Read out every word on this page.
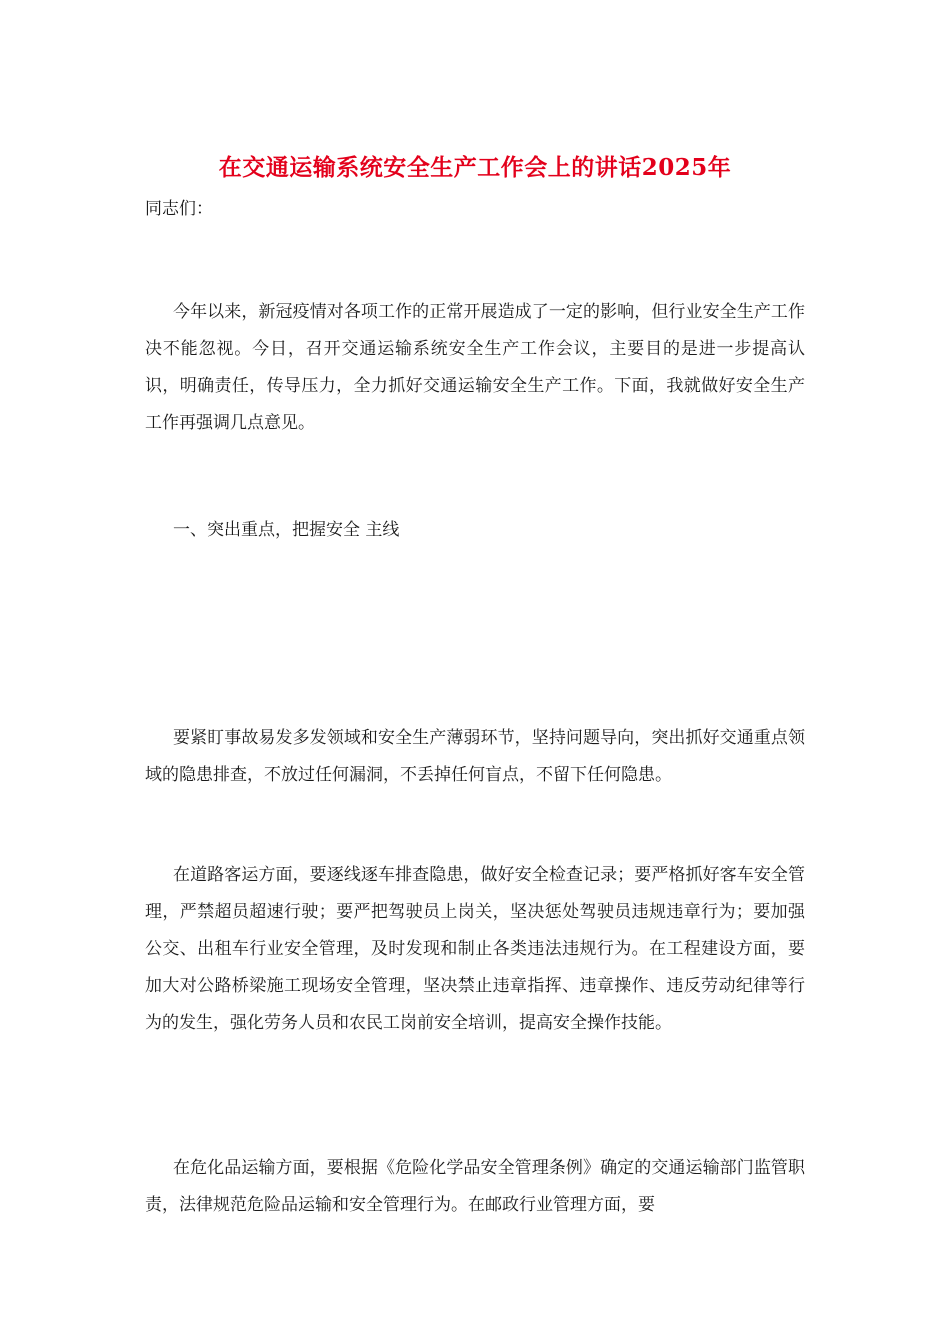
在交通运输系统安全生产工作会上的讲话2025年
同志们：

今年以来，新冠疫情对各项工作的正常开展造成了一定的影响，但行业安全生产工作决不能忽视。今日，召开交通运输系统安全生产工作会议，主要目的是进一步提高认识，明确责任，传导压力，全力抓好交通运输安全生产工作。下面，我就做好安全生产工作再强调几点意见。

一、突出重点，把握安全 主线

要紧盯事故易发多发领域和安全生产薄弱环节，坚持问题导向，突出抓好交通重点领域的隐患排查，不放过任何漏洞，不丢掉任何盲点，不留下任何隐患。

在道路客运方面，要逐线逐车排查隐患，做好安全检查记录；要严格抓好客车安全管理，严禁超员超速行驶；要严把驾驶员上岗关，坚决惩处驾驶员违规违章行为；要加强公交、出租车行业安全管理，及时发现和制止各类违法违规行为。在工程建设方面，要加大对公路桥梁施工现场安全管理，坚决禁止违章指挥、违章操作、违反劳动纪律等行为的发生，强化劳务人员和农民工岗前安全培训，提高安全操作技能。

在危化品运输方面，要根据《危险化学品安全管理条例》确定的交通运输部门监管职责，法律规范危险品运输和安全管理行为。在邮政行业管理方面，要
